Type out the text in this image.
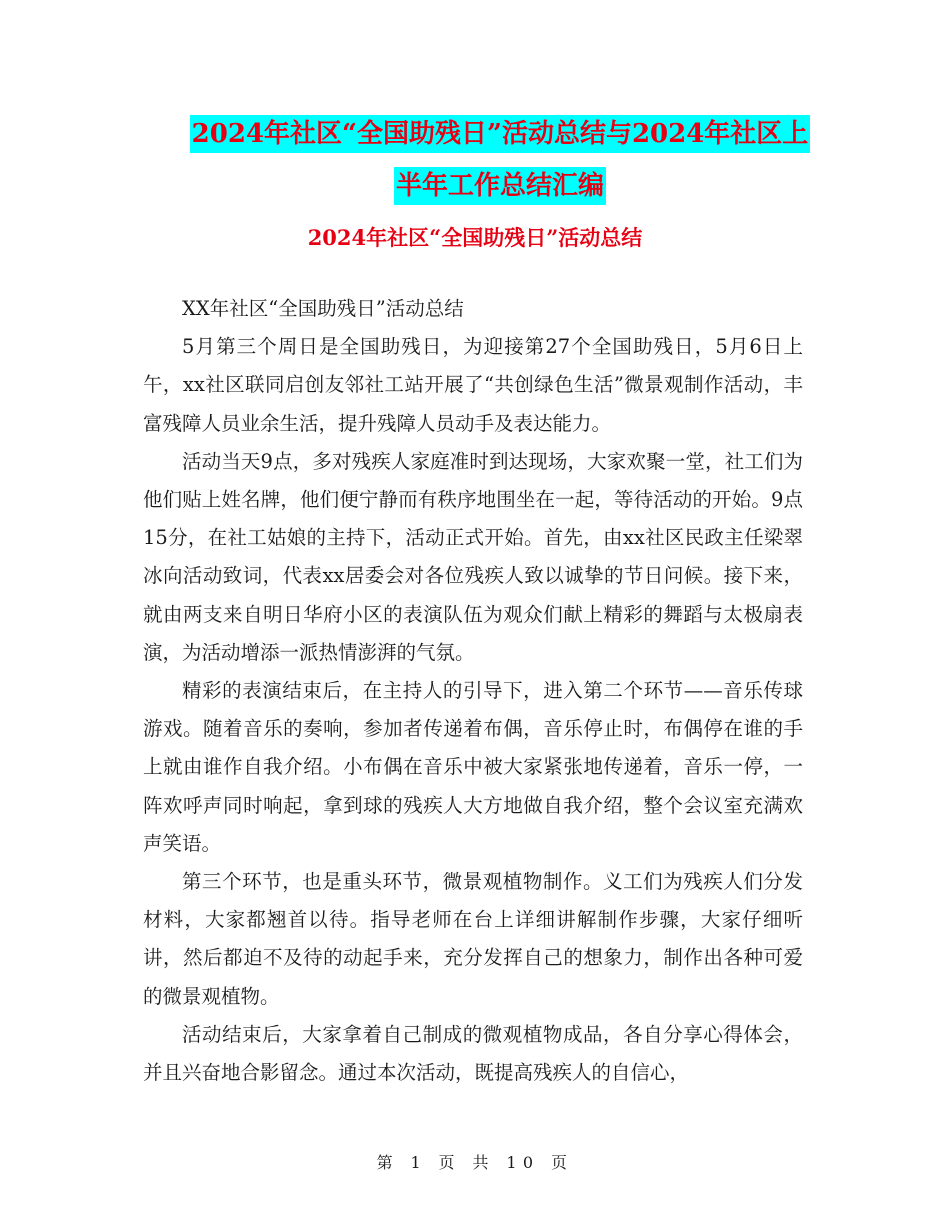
2024年社区“全国助残日”活动总结与2024年社区上
半年工作总结汇编
2024年社区“全国助残日”活动总结

XX年社区“全国助残日”活动总结

5月第三个周日是全国助残日，为迎接第27个全国助残日，5月6日上午，xx社区联同启创友邻社工站开展了“共创绿色生活”微景观制作活动，丰富残障人员业余生活，提升残障人员动手及表达能力。

活动当天9点，多对残疾人家庭准时到达现场，大家欢聚一堂，社工们为他们贴上姓名牌，他们便宁静而有秩序地围坐在一起，等待活动的开始。9点15分，在社工姑娘的主持下，活动正式开始。首先，由xx社区民政主任梁翠冰向活动致词，代表xx居委会对各位残疾人致以诚挚的节日问候。接下来，就由两支来自明日华府小区的表演队伍为观众们献上精彩的舞蹈与太极扇表演，为活动增添一派热情澎湃的气氛。

精彩的表演结束后，在主持人的引导下，进入第二个环节——音乐传球游戏。随着音乐的奏响，参加者传递着布偶，音乐停止时，布偶停在谁的手上就由谁作自我介绍。小布偶在音乐中被大家紧张地传递着，音乐一停，一阵欢呼声同时响起，拿到球的残疾人大方地做自我介绍，整个会议室充满欢声笑语。

第三个环节，也是重头环节，微景观植物制作。义工们为残疾人们分发材料，大家都翘首以待。指导老师在台上详细讲解制作步骤，大家仔细听讲，然后都迫不及待的动起手来，充分发挥自己的想象力，制作出各种可爱的微景观植物。

活动结束后，大家拿着自己制成的微观植物成品，各自分享心得体会，并且兴奋地合影留念。通过本次活动，既提高残疾人的自信心，

第 1 页 共 10 页
